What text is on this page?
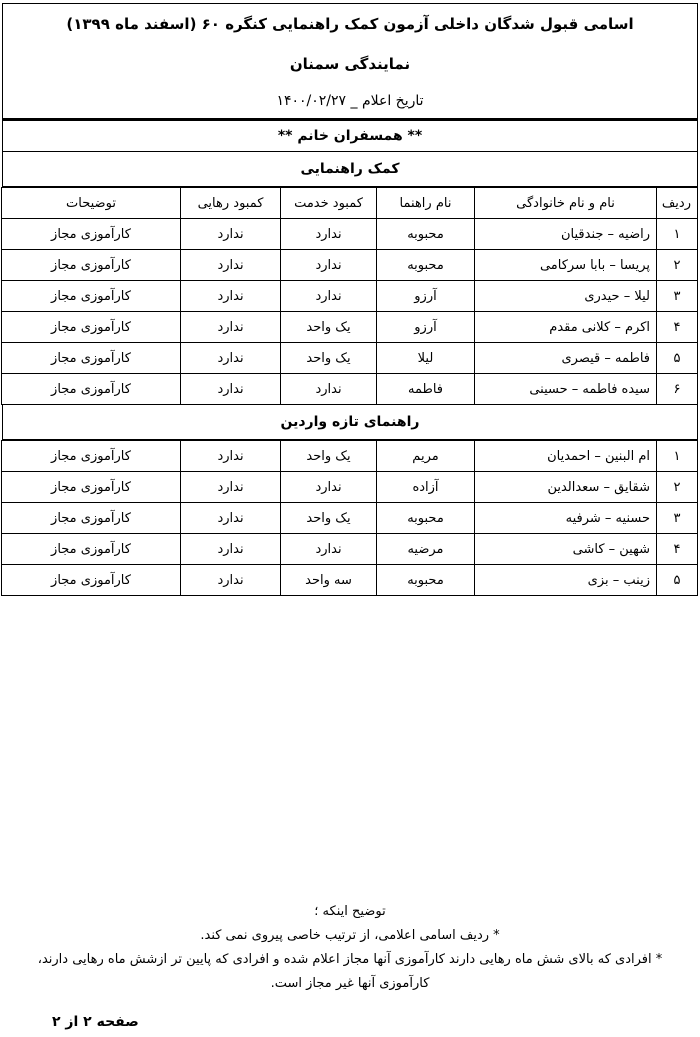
اسامی قبول شدگان داخلی آزمون کمک راهنمایی کنگره ۶۰ (اسفند ماه ۱۳۹۹)
نمایندگی سمنان
تاریخ اعلام _ ۱۴۰۰/۰۲/۲۷
** همسفران خانم **
کمک راهنمایی
ردیف	نام و نام خانوادگی	نام راهنما	کمبود خدمت	کمبود رهایی	توضیحات
۱	راضیه – جندقیان	محبوبه	ندارد	ندارد	کارآموزی مجاز
۲	پریسا – بابا سرکامی	محبوبه	ندارد	ندارد	کارآموزی مجاز
۳	لیلا – حیدری	آرزو	ندارد	ندارد	کارآموزی مجاز
۴	اکرم – کلانی مقدم	آرزو	یک واحد	ندارد	کارآموزی مجاز
۵	فاطمه – قیصری	لیلا	یک واحد	ندارد	کارآموزی مجاز
۶	سیده فاطمه – حسینی	فاطمه	ندارد	ندارد	کارآموزی مجاز
راهنمای تازه واردین
۱	ام البنین – احمدیان	مریم	یک واحد	ندارد	کارآموزی مجاز
۲	شقایق – سعدالدین	آزاده	ندارد	ندارد	کارآموزی مجاز
۳	حسنیه – شرفیه	محبوبه	یک واحد	ندارد	کارآموزی مجاز
۴	شهین – کاشی	مرضیه	ندارد	ندارد	کارآموزی مجاز
۵	زینب – بزی	محبوبه	سه واحد	ندارد	کارآموزی مجاز
توضیح اینکه ؛
* ردیف اسامی اعلامی، از ترتیب خاصی پیروی نمی کند.
* افرادی که بالای شش ماه رهایی دارند کارآموزی آنها مجاز اعلام شده و افرادی که پایین تر ازشش ماه رهایی دارند،
کارآموزی آنها غیر مجاز است.
صفحه ۲ از ۲
